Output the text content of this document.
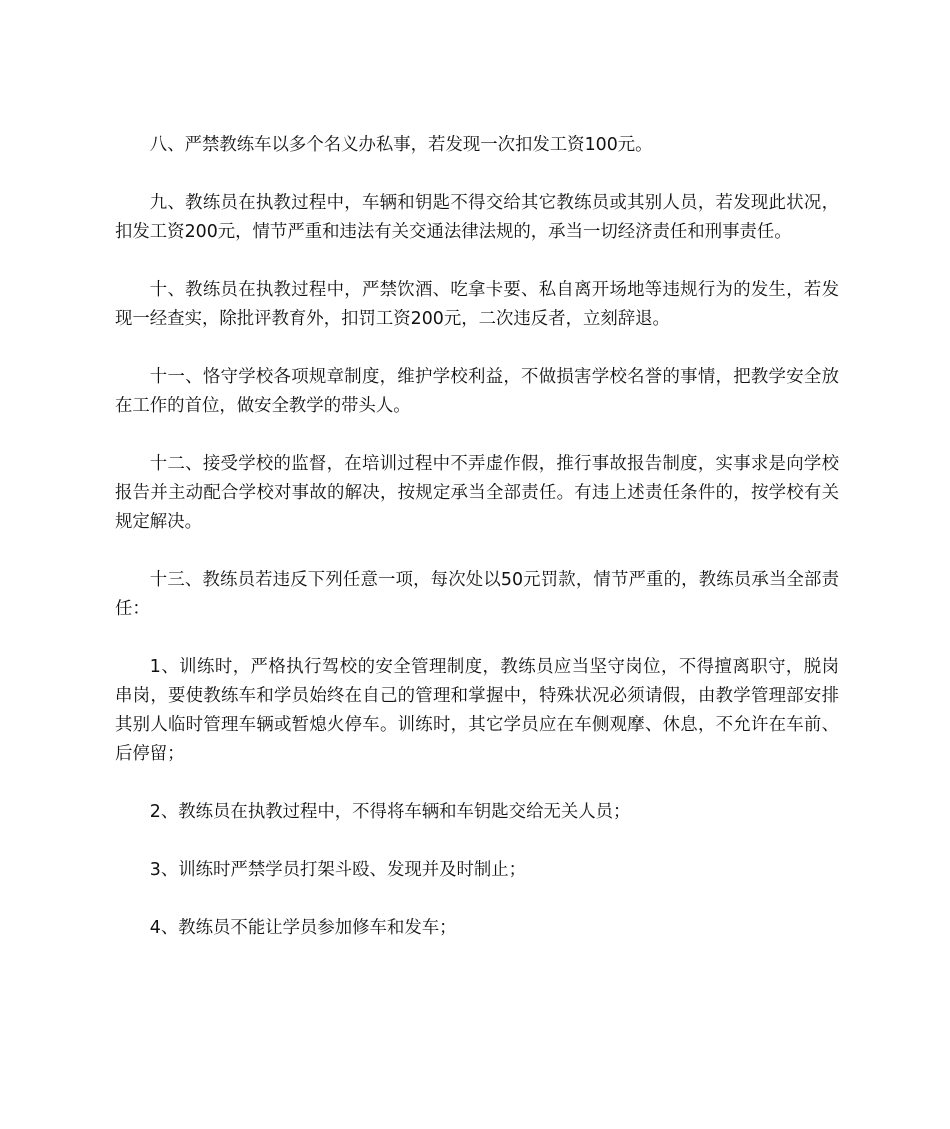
八、严禁教练车以多个名义办私事，若发现一次扣发工资100元。

九、教练员在执教过程中，车辆和钥匙不得交给其它教练员或其别人员，若发现此状况，扣发工资200元，情节严重和违法有关交通法律法规的，承当一切经济责任和刑事责任。

十、教练员在执教过程中，严禁饮酒、吃拿卡要、私自离开场地等违规行为的发生，若发现一经查实，除批评教育外，扣罚工资200元，二次违反者，立刻辞退。

十一、恪守学校各项规章制度，维护学校利益，不做损害学校名誉的事情，把教学安全放在工作的首位，做安全教学的带头人。

十二、接受学校的监督，在培训过程中不弄虚作假，推行事故报告制度，实事求是向学校报告并主动配合学校对事故的解决，按规定承当全部责任。有违上述责任条件的，按学校有关规定解决。

十三、教练员若违反下列任意一项，每次处以50元罚款，情节严重的，教练员承当全部责任：

1、训练时，严格执行驾校的安全管理制度，教练员应当坚守岗位，不得擅离职守，脱岗串岗，要使教练车和学员始终在自己的管理和掌握中，特殊状况必须请假，由教学管理部安排其别人临时管理车辆或暂熄火停车。训练时，其它学员应在车侧观摩、休息，不允许在车前、后停留；

2、教练员在执教过程中，不得将车辆和车钥匙交给无关人员；

3、训练时严禁学员打架斗殴、发现并及时制止；

4、教练员不能让学员参加修车和发车；
